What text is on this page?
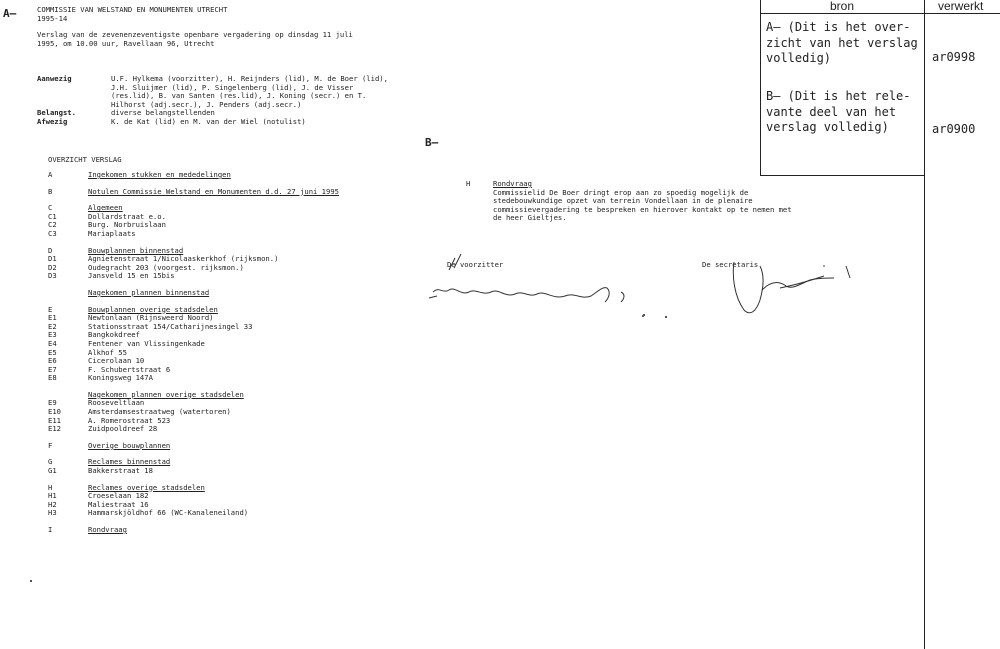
A—	COMMISSIE VAN WELSTAND EN MONUMENTEN UTRECHT
1995-14
Verslag van de zevenenzeventigste openbare vergadering op dinsdag 11 juli
1995, om 10.00 uur, Ravellaan 96, Utrecht
Aanwezig	U.F. Hylkema (voorzitter), H. Reijnders (lid), M. de Boer (lid),
J.H. Sluijmer (lid), P. Singelenberg (lid), J. de Visser
(res.lid), B. van Santen (res.lid), J. Koning (secr.) en T.
Hilhorst (adj.secr.), J. Penders (adj.secr.)
Belangst.	diverse belangstellenden
Afwezig	K. de Kat (lid) en M. van der Wiel (notulist)
OVERZICHT VERSLAG
A	Ingekomen stukken en mededelingen
B	Notulen Commissie Welstand en Monumenten d.d. 27 juni 1995
C	Algemeen
C1	Dollardstraat e.o.
C2	Burg. Norbruislaan
C3	Mariaplaats
D	Bouwplannen binnenstad
D1	Agnietenstraat 1/Nicolaaskerkhof (rijksmon.)
D2	Oudegracht 203 (voorgest. rijksmon.)
D3	Jansveld 15 en 15bis
Nagekomen plannen binnenstad
E	Bouwplannen overige stadsdelen
E1	Newtonlaan (Rijnsweerd Noord)
E2	Stationsstraat 154/Catharijnesingel 33
E3	Bangkokdreef
E4	Fentener van Vlissingenkade
E5	Alkhof 55
E6	Cicerolaan 10
E7	F. Schubertstraat 6
E8	Koningsweg 147A
Nagekomen plannen overige stadsdelen
E9	Rooseveltlaan
E10	Amsterdamsestraatweg (watertoren)
E11	A. Romerostraat 523
E12	Zuidpooldreef 28
F	Overige bouwplannen
G	Reclames binnenstad
G1	Bakkerstraat 18
H	Reclames overige stadsdelen
H1	Croeselaan 182
H2	Maliestraat 16
H3	Hammarskjöldhof 66 (WC-Kanaleneiland)
I	Rondvraag
B—
H	Rondvraag
Commissielid De Boer dringt erop aan zo spoedig mogelijk de
stedebouwkundige opzet van terrein Vondellaan in de plenaire
commissievergadering te bespreken en hierover kontakt op te nemen met
de heer Gieltjes.
De voorzitter	De secretaris
bron	verwerkt
A— (Dit is het over-
zicht van het verslag
volledig)	ar0998
B— (Dit is het rele-
vante deel van het
verslag volledig)	ar0900
